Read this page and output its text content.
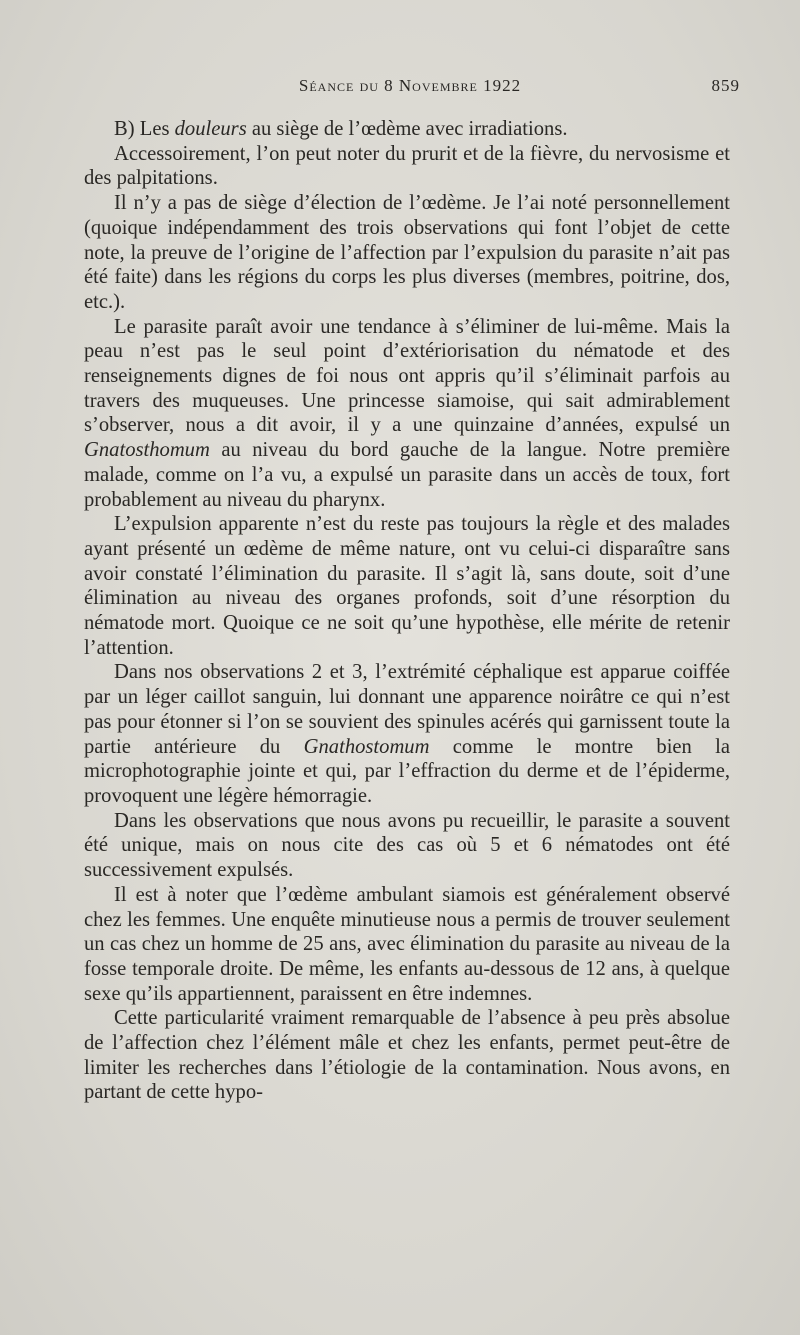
Séance du 8 Novembre 1922	859

B) Les douleurs au siège de l’œdème avec irradiations.

Accessoirement, l’on peut noter du prurit et de la fièvre, du nervosisme et des palpitations.

Il n’y a pas de siège d’élection de l’œdème. Je l’ai noté personnellement (quoique indépendamment des trois observations qui font l’objet de cette note, la preuve de l’origine de l’affection par l’expulsion du parasite n’ait pas été faite) dans les régions du corps les plus diverses (membres, poitrine, dos, etc.).

Le parasite paraît avoir une tendance à s’éliminer de lui-même. Mais la peau n’est pas le seul point d’extériorisation du nématode et des renseignements dignes de foi nous ont appris qu’il s’éliminait parfois au travers des muqueuses. Une princesse siamoise, qui sait admirablement s’observer, nous a dit avoir, il y a une quinzaine d’années, expulsé un Gnatosthomum au niveau du bord gauche de la langue. Notre première malade, comme on l’a vu, a expulsé un parasite dans un accès de toux, fort probablement au niveau du pharynx.

L’expulsion apparente n’est du reste pas toujours la règle et des malades ayant présenté un œdème de même nature, ont vu celui-ci disparaître sans avoir constaté l’élimination du parasite. Il s’agit là, sans doute, soit d’une élimination au niveau des organes profonds, soit d’une résorption du nématode mort. Quoique ce ne soit qu’une hypothèse, elle mérite de retenir l’attention.

Dans nos observations 2 et 3, l’extrémité céphalique est apparue coiffée par un léger caillot sanguin, lui donnant une apparence noirâtre ce qui n’est pas pour étonner si l’on se souvient des spinules acérés qui garnissent toute la partie antérieure du Gnathostomum comme le montre bien la microphotographie jointe et qui, par l’effraction du derme et de l’épiderme, provoquent une légère hémorragie.

Dans les observations que nous avons pu recueillir, le parasite a souvent été unique, mais on nous cite des cas où 5 et 6 nématodes ont été successivement expulsés.

Il est à noter que l’œdème ambulant siamois est généralement observé chez les femmes. Une enquête minutieuse nous a permis de trouver seulement un cas chez un homme de 25 ans, avec élimination du parasite au niveau de la fosse temporale droite. De même, les enfants au-dessous de 12 ans, à quelque sexe qu’ils appartiennent, paraissent en être indemnes.

Cette particularité vraiment remarquable de l’absence à peu près absolue de l’affection chez l’élément mâle et chez les enfants, permet peut-être de limiter les recherches dans l’étiologie de la contamination. Nous avons, en partant de cette hypo-
